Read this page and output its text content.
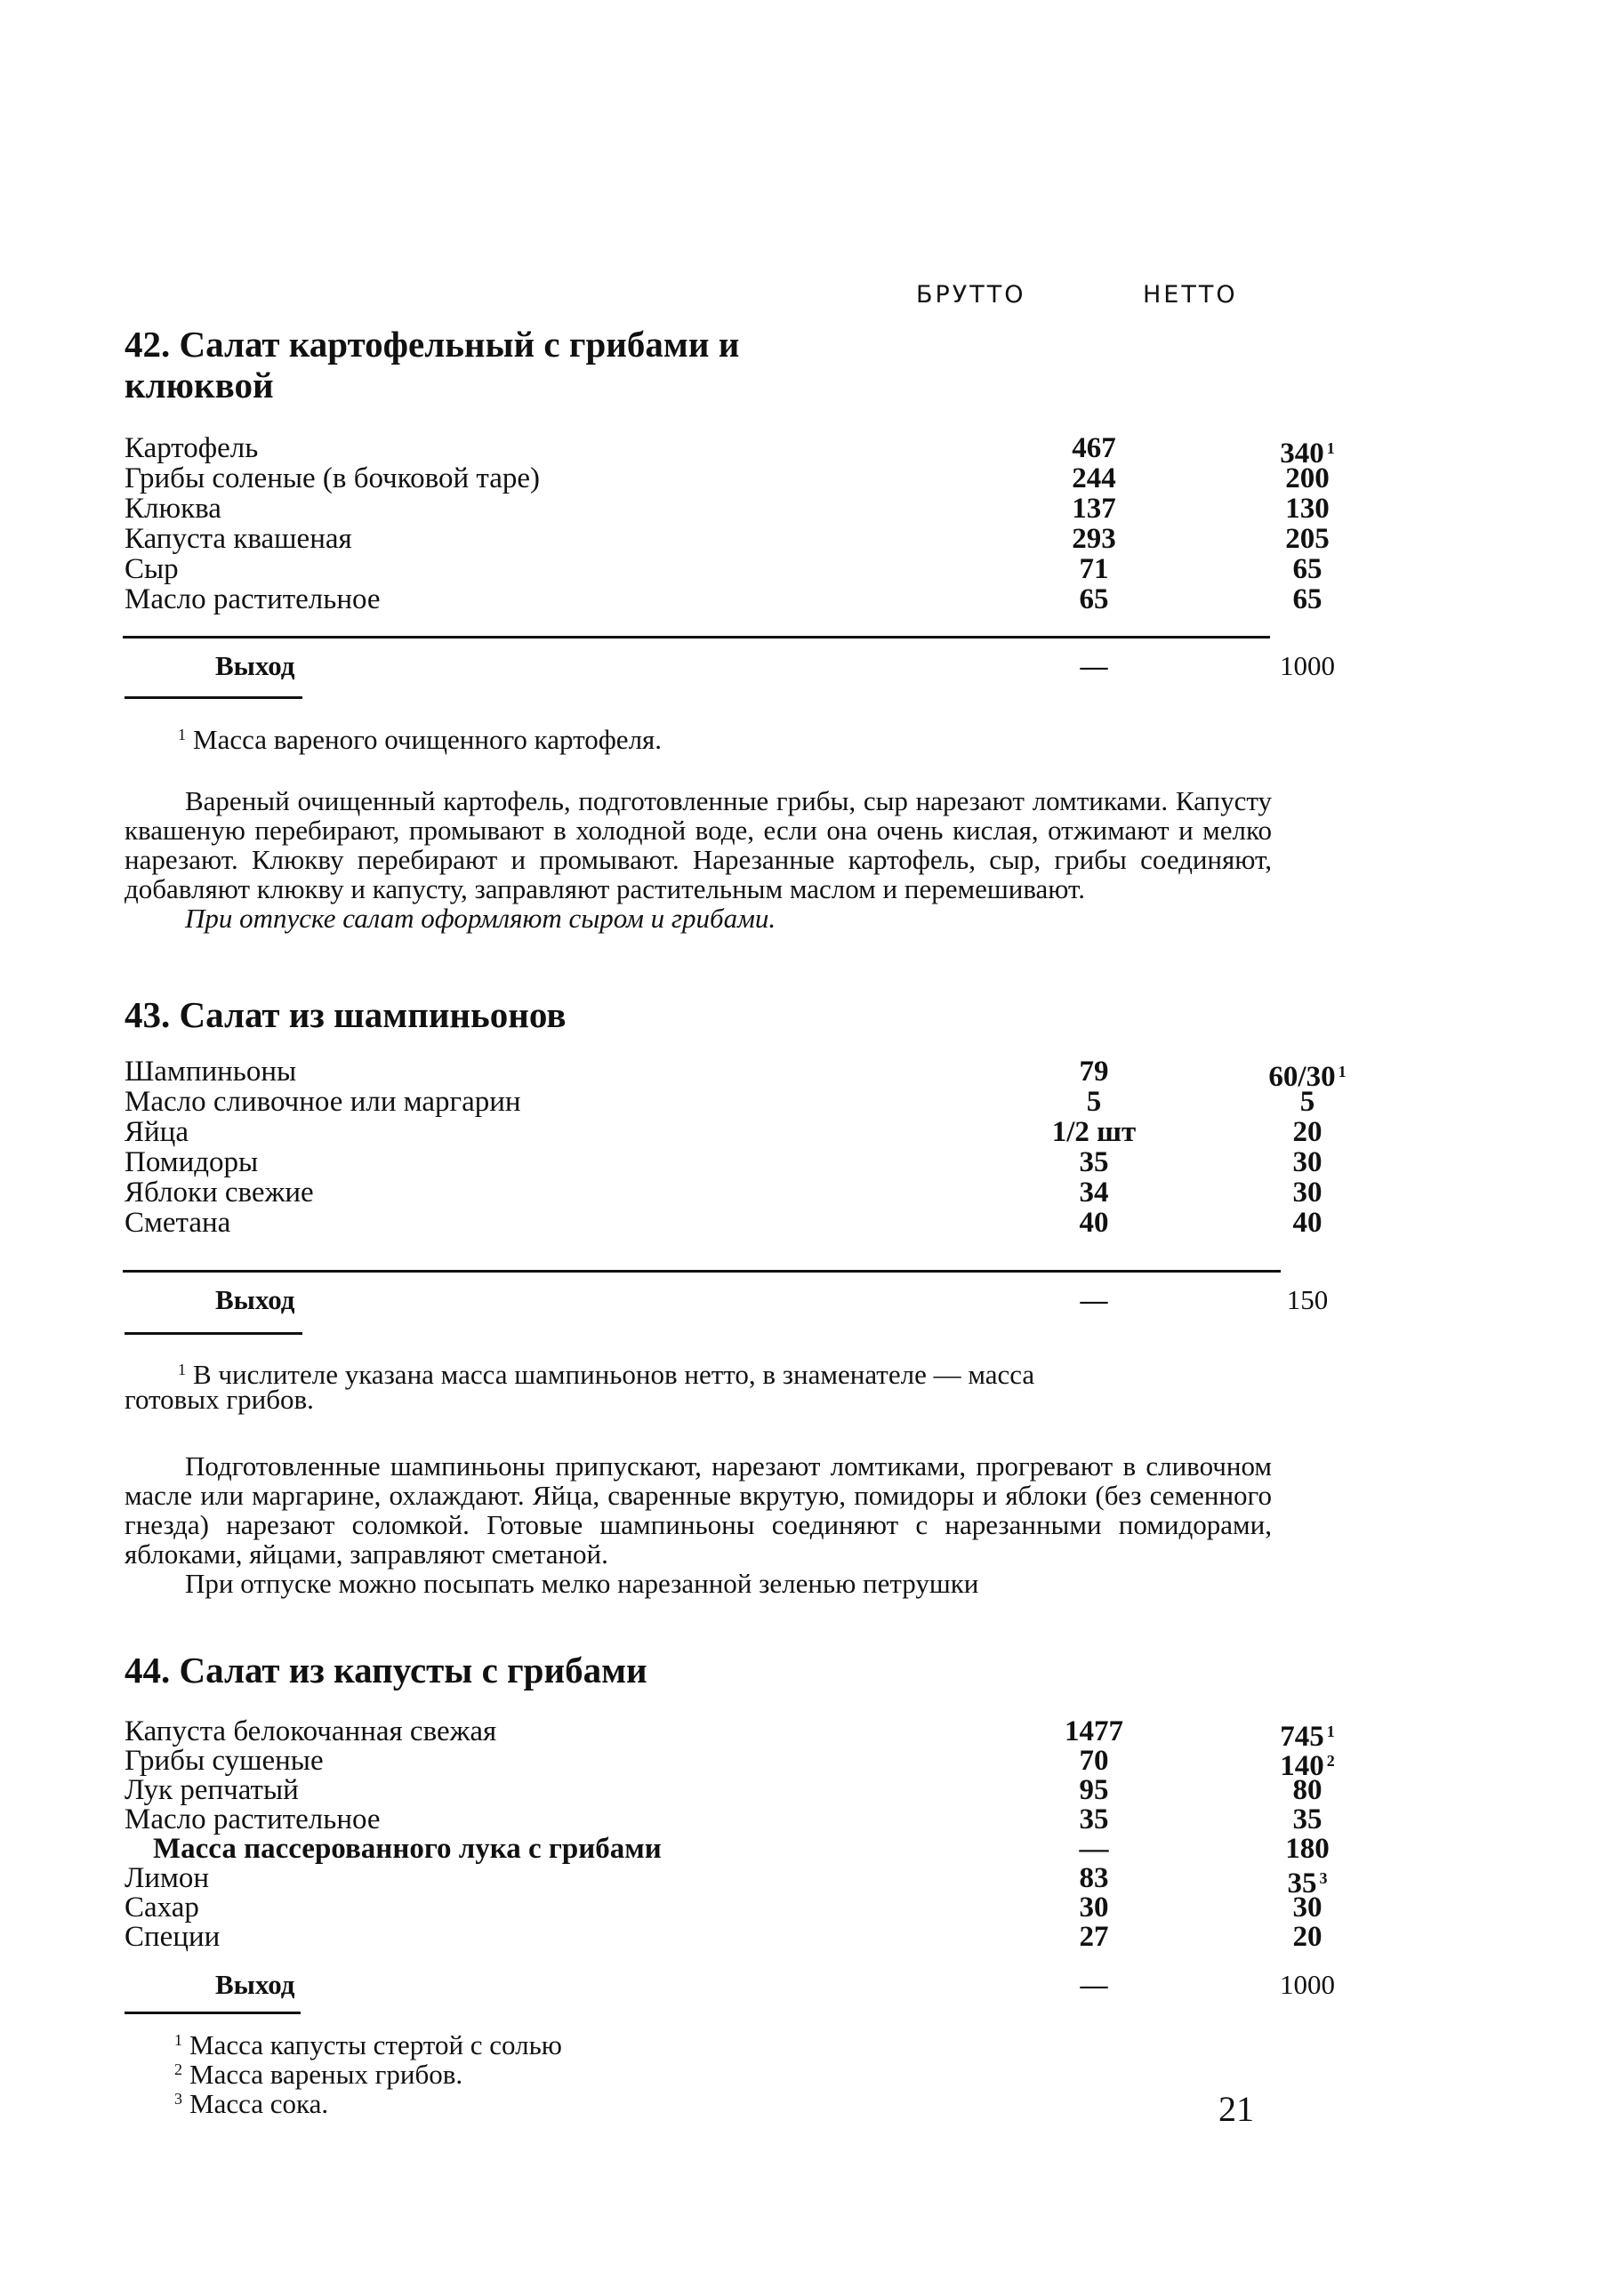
БРУТТО	НЕТТО
42. Салат картофельный с грибами и
клюквой
Картофель	467	340 $^1$
Грибы соленые (в бочковой таре)	244	200
Клюква	137	130
Капуста квашеная	293	205
Сыр	71	65
Масло растительное	65	65
Выход	—	1000
$^1$ Масса вареного очищенного картофеля.

Вареный очищенный картофель, подготовленные грибы, сыр нарезают ломтиками. Капусту квашеную перебирают, промывают в холодной воде, если она очень кислая, отжимают и мелко нарезают. Клюкву перебирают и промывают. Нарезанные картофель, сыр, грибы соединяют, добавляют клюкву и капусту, заправляют растительным маслом и перемешивают.

При отпуске салат оформляют сыром и грибами.

43. Салат из шампиньонов
Шампиньоны	79	60/30 $^1$
Масло сливочное или маргарин	5	5
Яйца	1/2 шт	20
Помидоры	35	30
Яблоки свежие	34	30
Сметана	40	40
Выход	—	150
$^1$ В числителе указана масса шампиньонов нетто, в знаменателе — масса
готовых грибов.

Подготовленные шампиньоны припускают, нарезают ломтиками, прогревают в сливочном масле или маргарине, охлаждают. Яйца, сваренные вкрутую, помидоры и яблоки (без семенного гнезда) нарезают соломкой. Готовые шампиньоны соединяют с нарезанными помидорами, яблоками, яйцами, заправляют сметаной.

При отпуске можно посыпать мелко нарезанной зеленью петрушки

44. Салат из капусты с грибами
Капуста белокочанная свежая	1477	745 $^1$
Грибы сушеные	70	140 $^2$
Лук репчатый	95	80
Масло растительное	35	35
Масса пассерованного лука с грибами	—	180
Лимон	83	35 $^3$
Сахар	30	30
Специи	27	20
Выход	—	1000
$^1$ Масса капусты стертой с солью
$^2$ Масса вареных грибов.
$^3$ Масса сока.	21
